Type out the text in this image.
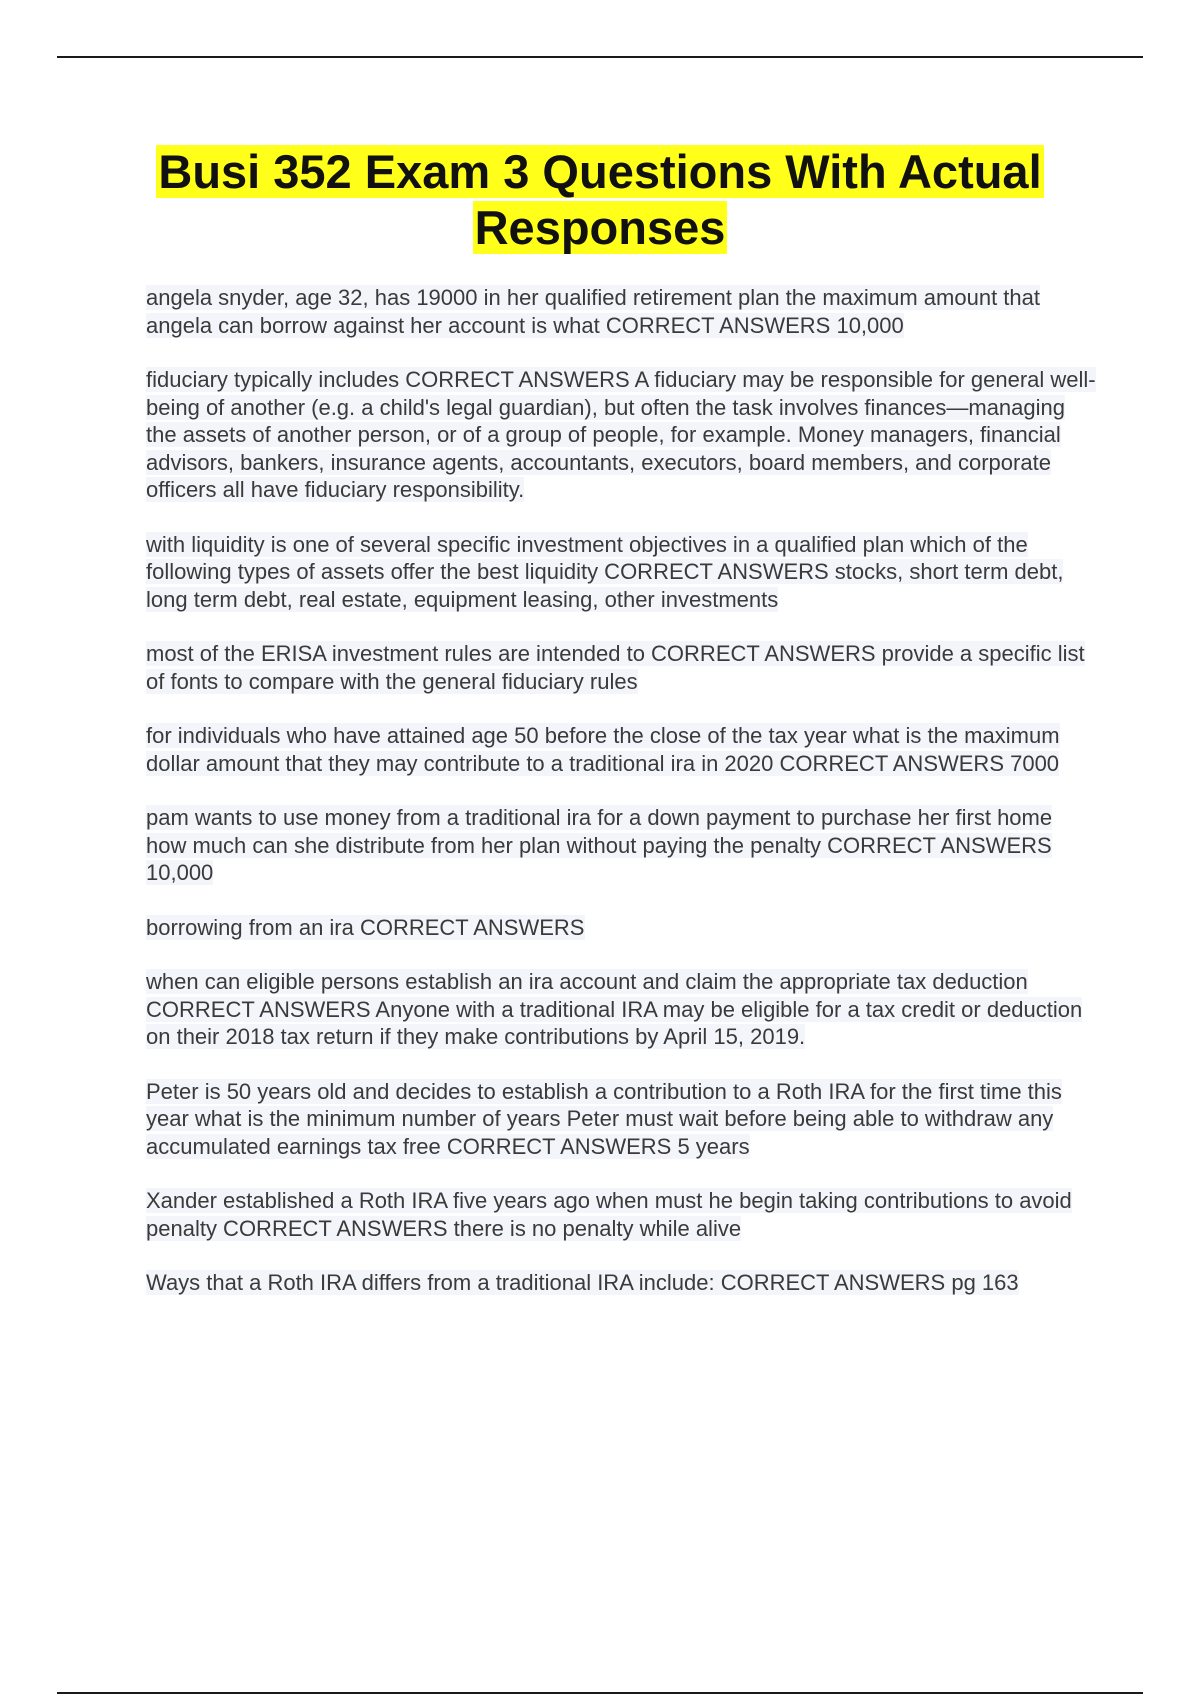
Busi 352 Exam 3 Questions With Actual Responses

angela snyder, age 32, has 19000 in her qualified retirement plan the maximum amount that angela can borrow against her account is what CORRECT ANSWERS 10,000

fiduciary typically includes CORRECT ANSWERS A fiduciary may be responsible for general well-being of another (e.g. a child's legal guardian), but often the task involves finances—managing the assets of another person, or of a group of people, for example. Money managers, financial advisors, bankers, insurance agents, accountants, executors, board members, and corporate officers all have fiduciary responsibility.

with liquidity is one of several specific investment objectives in a qualified plan which of the following types of assets offer the best liquidity CORRECT ANSWERS stocks, short term debt, long term debt, real estate, equipment leasing, other investments

most of the ERISA investment rules are intended to CORRECT ANSWERS provide a specific list of fonts to compare with the general fiduciary rules

for individuals who have attained age 50 before the close of the tax year what is the maximum dollar amount that they may contribute to a traditional ira in 2020 CORRECT ANSWERS 7000

pam wants to use money from a traditional ira for a down payment to purchase her first home how much can she distribute from her plan without paying the penalty CORRECT ANSWERS 10,000

borrowing from an ira CORRECT ANSWERS

when can eligible persons establish an ira account and claim the appropriate tax deduction CORRECT ANSWERS Anyone with a traditional IRA may be eligible for a tax credit or deduction on their 2018 tax return if they make contributions by April 15, 2019.

Peter is 50 years old and decides to establish a contribution to a Roth IRA for the first time this year what is the minimum number of years Peter must wait before being able to withdraw any accumulated earnings tax free CORRECT ANSWERS 5 years

Xander established a Roth IRA five years ago when must he begin taking contributions to avoid penalty CORRECT ANSWERS there is no penalty while alive

Ways that a Roth IRA differs from a traditional IRA include: CORRECT ANSWERS pg 163
